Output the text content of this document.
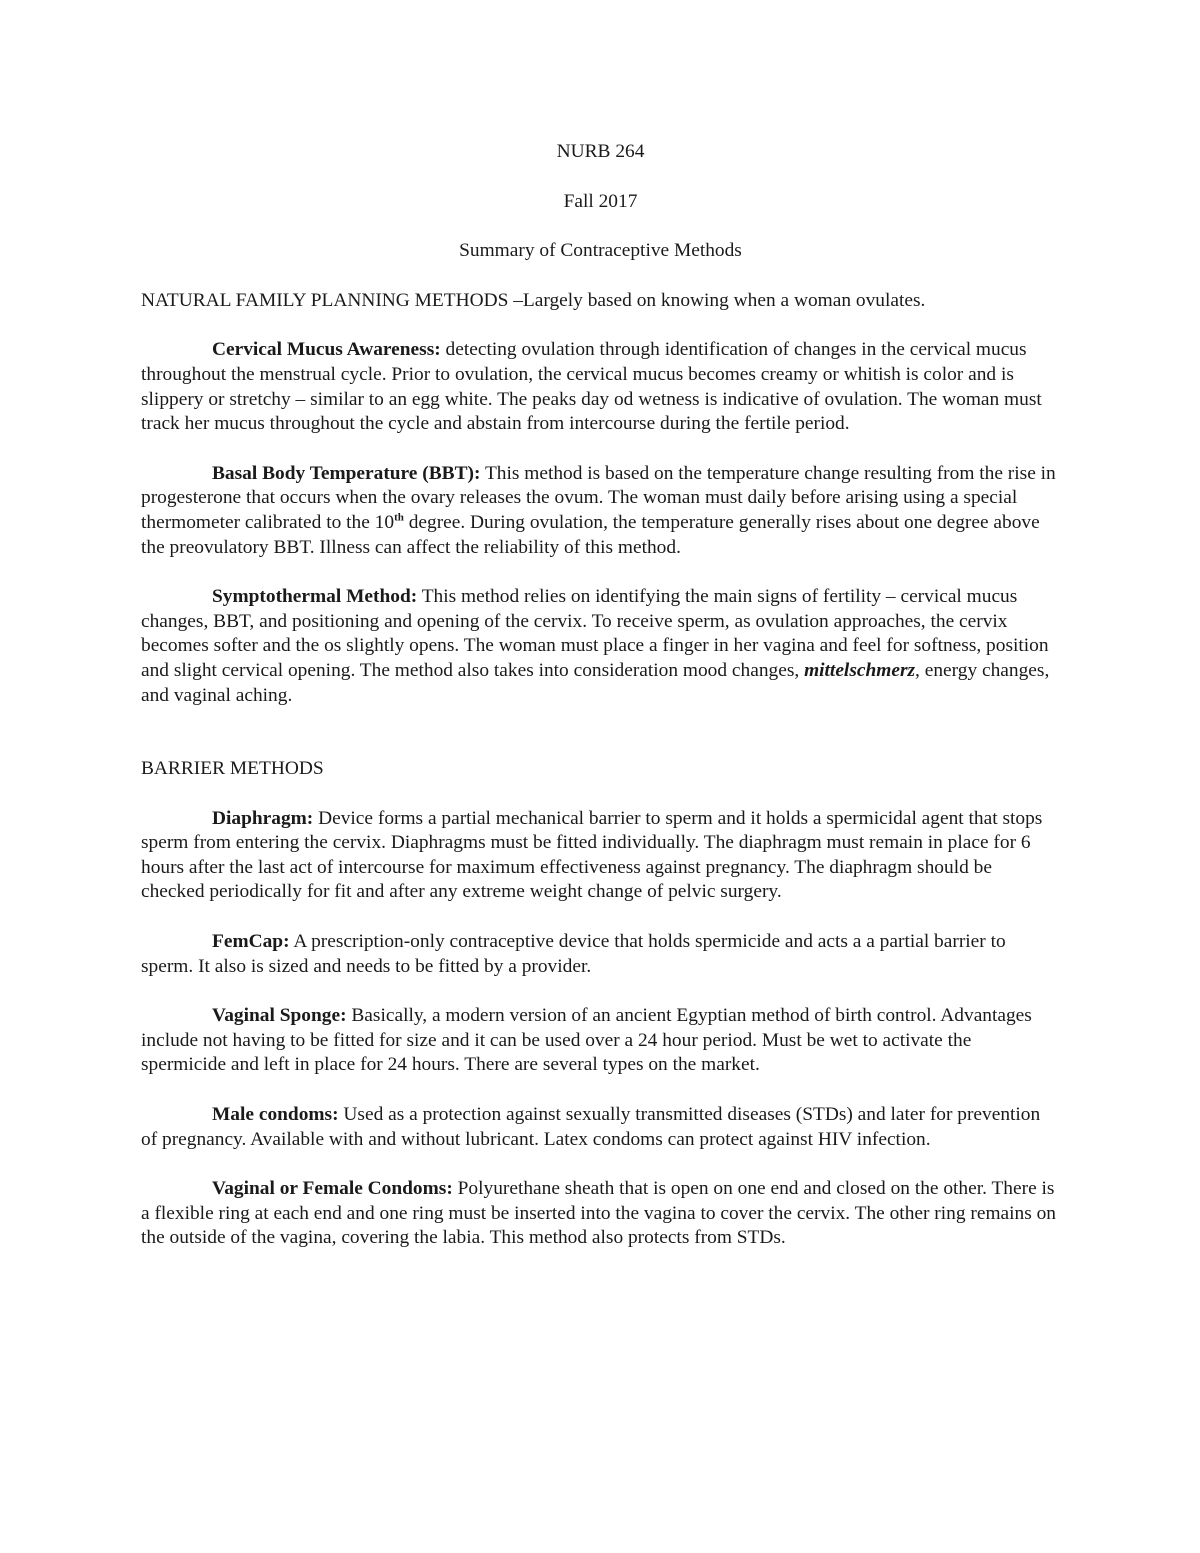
NURB 264

Fall 2017

Summary of Contraceptive Methods

NATURAL FAMILY PLANNING METHODS –Largely based on knowing when a woman ovulates.

Cervical Mucus Awareness: detecting ovulation through identification of changes in the cervical mucus throughout the menstrual cycle. Prior to ovulation, the cervical mucus becomes creamy or whitish is color and is slippery or stretchy – similar to an egg white. The peaks day od wetness is indicative of ovulation. The woman must track her mucus throughout the cycle and abstain from intercourse during the fertile period.

Basal Body Temperature (BBT): This method is based on the temperature change resulting from the rise in progesterone that occurs when the ovary releases the ovum. The woman must daily before arising using a special thermometer calibrated to the 10th degree. During ovulation, the temperature generally rises about one degree above the preovulatory BBT. Illness can affect the reliability of this method.

Symptothermal Method: This method relies on identifying the main signs of fertility – cervical mucus changes, BBT, and positioning and opening of the cervix. To receive sperm, as ovulation approaches, the cervix becomes softer and the os slightly opens. The woman must place a finger in her vagina and feel for softness, position and slight cervical opening. The method also takes into consideration mood changes, mittelschmerz, energy changes, and vaginal aching.

BARRIER METHODS

Diaphragm: Device forms a partial mechanical barrier to sperm and it holds a spermicidal agent that stops sperm from entering the cervix. Diaphragms must be fitted individually. The diaphragm must remain in place for 6 hours after the last act of intercourse for maximum effectiveness against pregnancy. The diaphragm should be checked periodically for fit and after any extreme weight change of pelvic surgery.

FemCap: A prescription-only contraceptive device that holds spermicide and acts a a partial barrier to sperm. It also is sized and needs to be fitted by a provider.

Vaginal Sponge: Basically, a modern version of an ancient Egyptian method of birth control. Advantages include not having to be fitted for size and it can be used over a 24 hour period. Must be wet to activate the spermicide and left in place for 24 hours. There are several types on the market.

Male condoms: Used as a protection against sexually transmitted diseases (STDs) and later for prevention of pregnancy. Available with and without lubricant. Latex condoms can protect against HIV infection.

Vaginal or Female Condoms: Polyurethane sheath that is open on one end and closed on the other. There is a flexible ring at each end and one ring must be inserted into the vagina to cover the cervix. The other ring remains on the outside of the vagina, covering the labia. This method also protects from STDs.
